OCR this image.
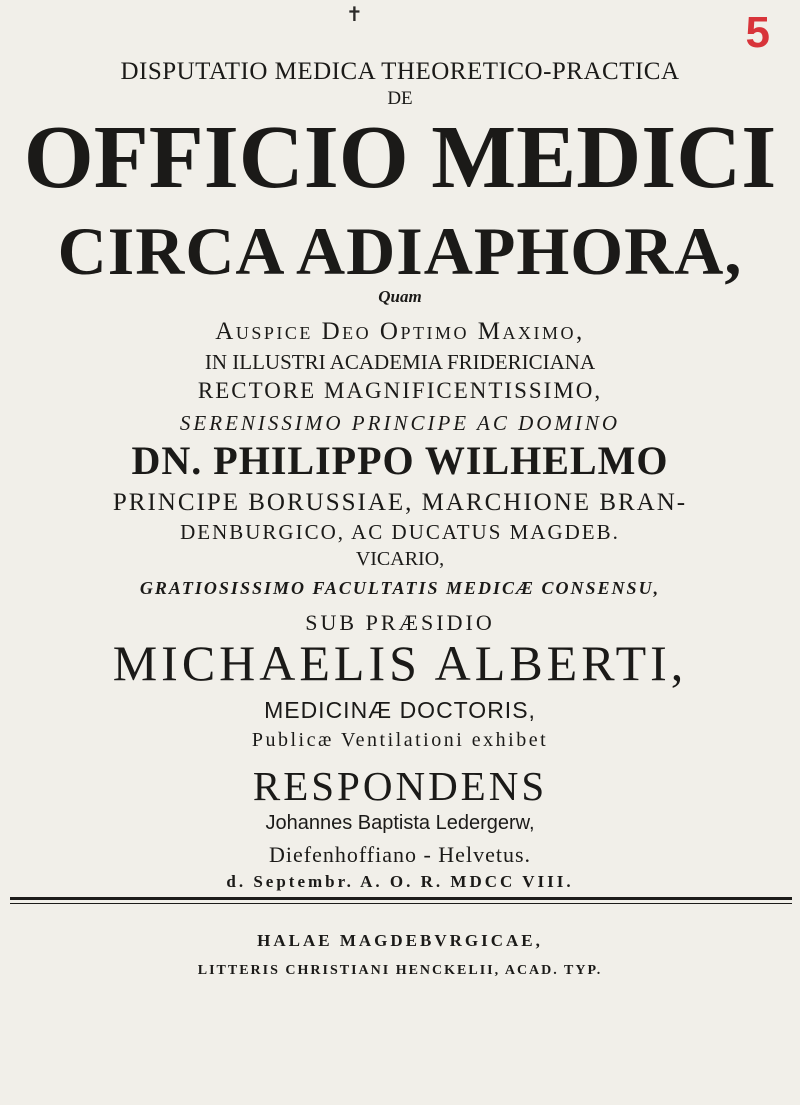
5
✝
DISPUTATIO MEDICA THEORETICO-PRACTICA
DE
OFFICIO MEDICI
CIRCA ADIAPHORA,
Quam
Auspice Deo Optimo Maximo,
IN ILLUSTRI ACADEMIA FRIDERICIANA
RECTORE MAGNIFICENTISSIMO,
SERENISSIMO PRINCIPE AC DOMINO
DN. PHILIPPO WILHELMO
PRINCIPE BORUSSIAE, MARCHIONE BRAN-
DENBURGICO, AC DUCATUS MAGDEB.
VICARIO,
GRATIOSISSIMO FACULTATIS MEDICÆ CONSENSU,
SUB PRÆSIDIO
MICHAELIS ALBERTI,
MEDICINÆ DOCTORIS,
Publicæ Ventilationi exhibet
RESPONDENS
Johannes Baptista Ledergerw,
Diefenhoffiano - Helvetus.
d. Septembr. A. O. R. MDCC VIII.
HALAE MAGDEBVRGICAE,
LITTERIS CHRISTIANI HENCKELII, ACAD. TYP.
